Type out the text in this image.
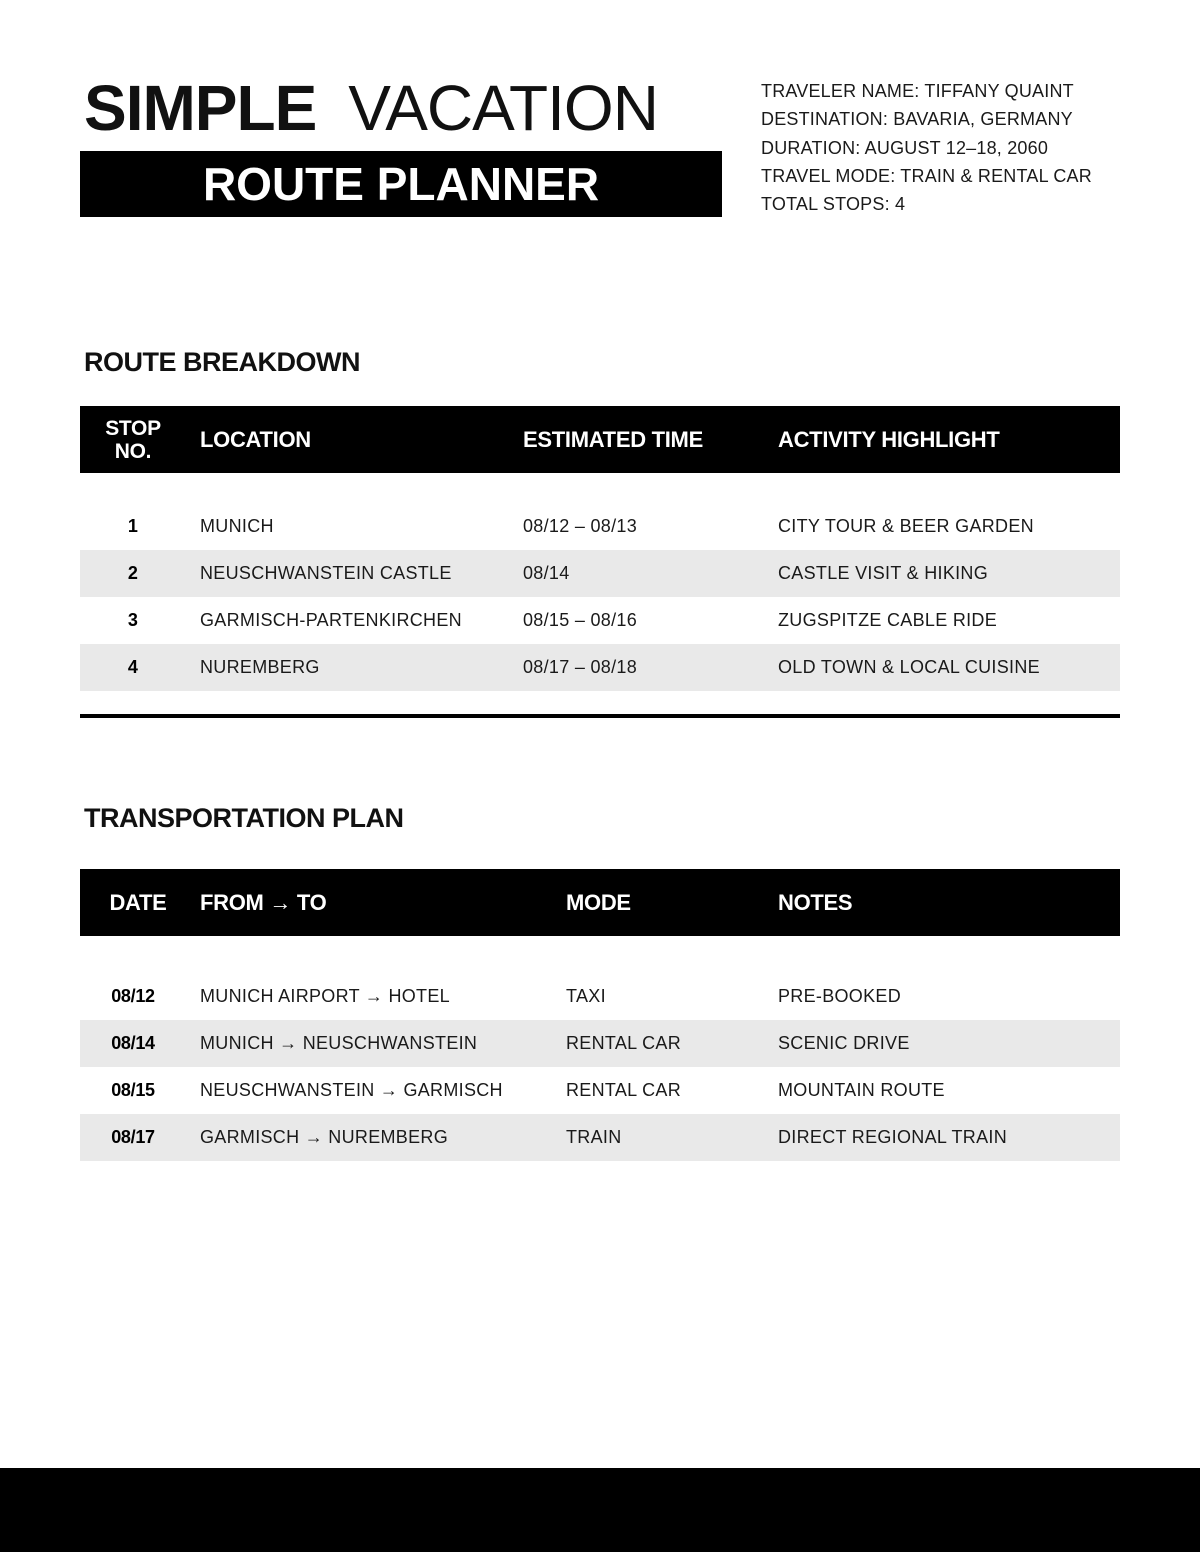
SIMPLE VACATION
ROUTE PLANNER
TRAVELER NAME: TIFFANY QUAINT
DESTINATION: BAVARIA, GERMANY
DURATION: AUGUST 12–18, 2060
TRAVEL MODE: TRAIN & RENTAL CAR
TOTAL STOPS: 4
ROUTE BREAKDOWN
STOP
NO.	LOCATION	ESTIMATED TIME	ACTIVITY HIGHLIGHT
1	MUNICH	08/12 – 08/13	CITY TOUR & BEER GARDEN
2	NEUSCHWANSTEIN CASTLE	08/14	CASTLE VISIT & HIKING
3	GARMISCH-PARTENKIRCHEN	08/15 – 08/16	ZUGSPITZE CABLE RIDE
4	NUREMBERG	08/17 – 08/18	OLD TOWN & LOCAL CUISINE
TRANSPORTATION PLAN
DATE	FROM → TO	MODE	NOTES
08/12	MUNICH AIRPORT → HOTEL	TAXI	PRE-BOOKED
08/14	MUNICH → NEUSCHWANSTEIN	RENTAL CAR	SCENIC DRIVE
08/15	NEUSCHWANSTEIN → GARMISCH	RENTAL CAR	MOUNTAIN ROUTE
08/17	GARMISCH → NUREMBERG	TRAIN	DIRECT REGIONAL TRAIN
